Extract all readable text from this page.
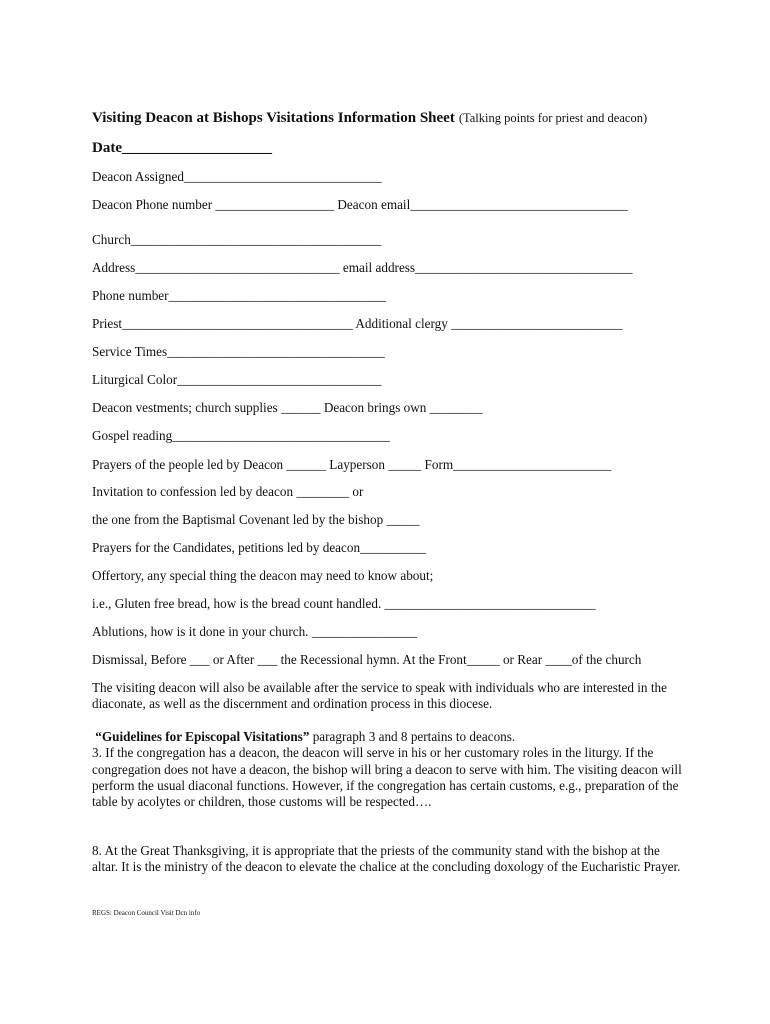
Visiting Deacon at Bishops Visitations Information Sheet (Talking points for priest and deacon)
Date____________________
Deacon Assigned______________________________
Deacon Phone number __________________ Deacon email_________________________________
Church______________________________________
Address_______________________________ email address_________________________________
Phone number_________________________________
Priest___________________________________ Additional clergy __________________________
Service Times_________________________________
Liturgical Color_______________________________
Deacon vestments; church supplies ______ Deacon brings own ________
Gospel reading_________________________________
Prayers of the people led by Deacon ______ Layperson _____ Form________________________
Invitation to confession led by deacon ________ or
the one from the Baptismal Covenant led by the bishop _____
Prayers for the Candidates, petitions led by deacon__________
Offertory, any special thing the deacon may need to know about;
i.e., Gluten free bread, how is the bread count handled. ________________________________
Ablutions, how is it done in your church. ________________
Dismissal, Before ___ or After ___ the Recessional hymn. At the Front_____ or Rear ____of the church

The visiting deacon will also be available after the service to speak with individuals who are interested in the diaconate, as well as the discernment and ordination process in this diocese.

“Guidelines for Episcopal Visitations” paragraph 3 and 8 pertains to deacons.

3. If the congregation has a deacon, the deacon will serve in his or her customary roles in the liturgy. If the congregation does not have a deacon, the bishop will bring a deacon to serve with him. The visiting deacon will perform the usual diaconal functions. However, if the congregation has certain customs, e.g., preparation of the table by acolytes or children, those customs will be respected….

8. At the Great Thanksgiving, it is appropriate that the priests of the community stand with the bishop at the altar. It is the ministry of the deacon to elevate the chalice at the concluding doxology of the Eucharistic Prayer.

REGS: Deacon Council Visit Dcn info
